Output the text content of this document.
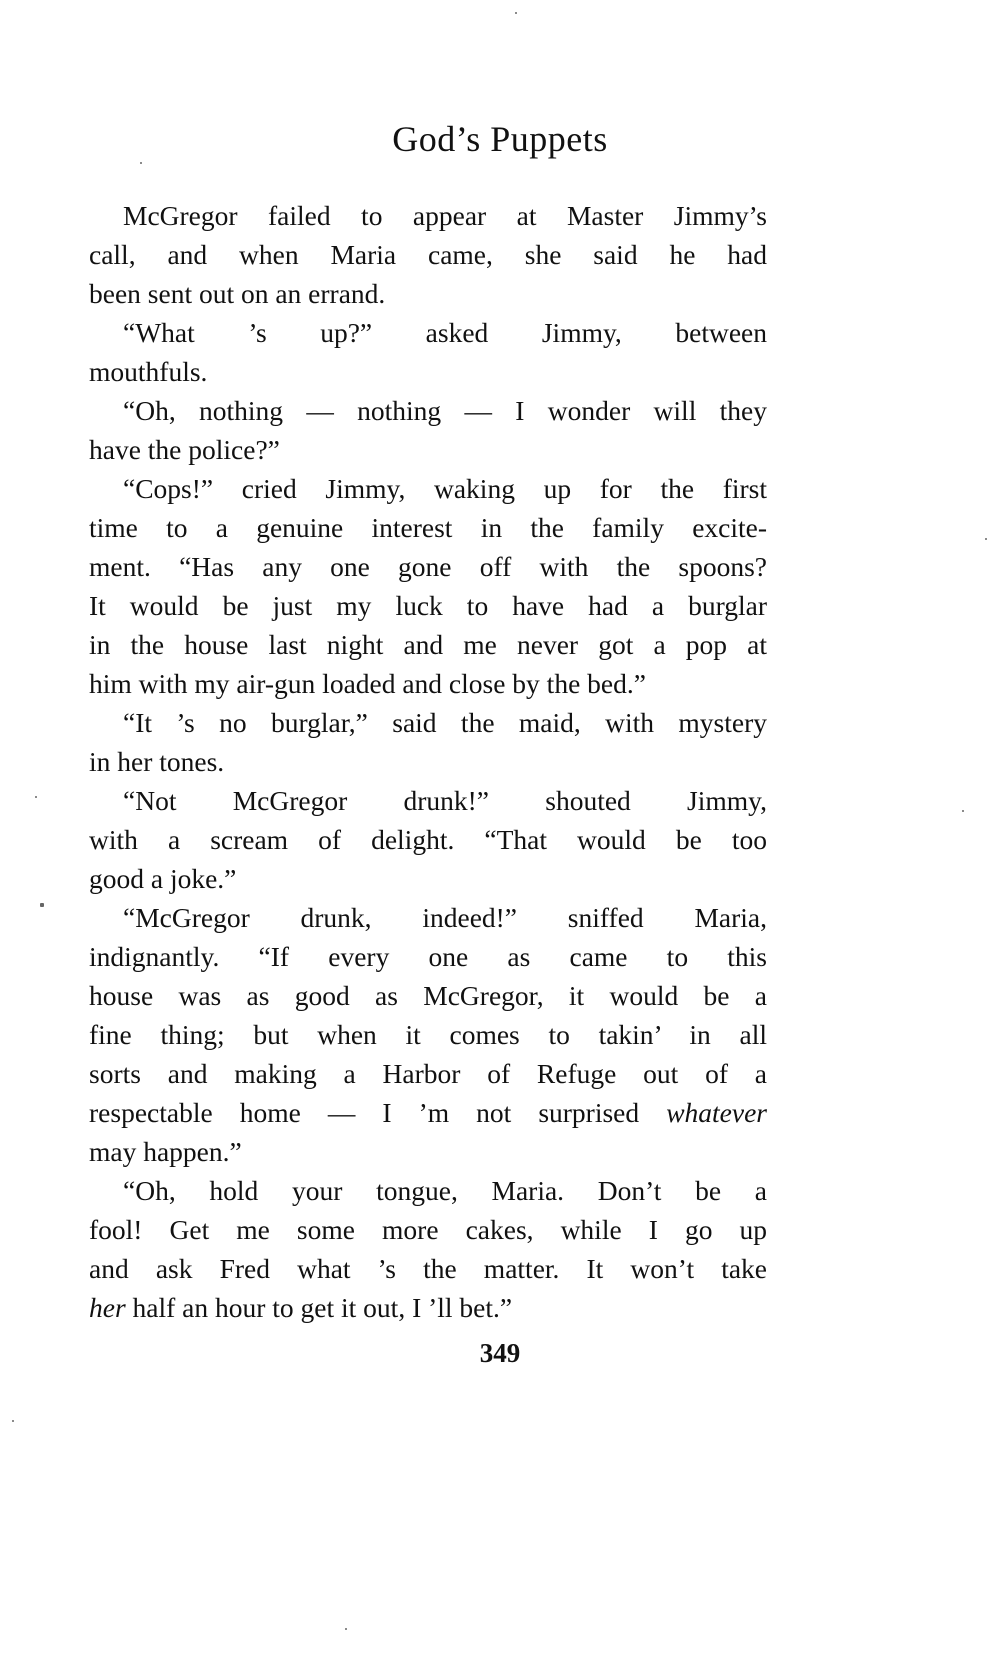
God’s Puppets
McGregor failed to appear at Master Jimmy’s
call, and when Maria came, she said he had
been sent out on an errand.
“What ’s up?” asked Jimmy, between
mouthfuls.
“Oh, nothing — nothing — I wonder will they
have the police?”
“Cops!” cried Jimmy, waking up for the first
time to a genuine interest in the family excite-
ment. “Has any one gone off with the spoons?
It would be just my luck to have had a burglar
in the house last night and me never got a pop at
him with my air-gun loaded and close by the bed.”
“It ’s no burglar,” said the maid, with mystery
in her tones.
“Not McGregor drunk!” shouted Jimmy,
with a scream of delight. “That would be too
good a joke.”
“McGregor drunk, indeed!” sniffed Maria,
indignantly. “If every one as came to this
house was as good as McGregor, it would be a
fine thing; but when it comes to takin’ in all
sorts and making a Harbor of Refuge out of a
respectable home — I ’m not surprised whatever
may happen.”
“Oh, hold your tongue, Maria. Don’t be a
fool! Get me some more cakes, while I go up
and ask Fred what ’s the matter. It won’t take
her half an hour to get it out, I ’ll bet.”
349
